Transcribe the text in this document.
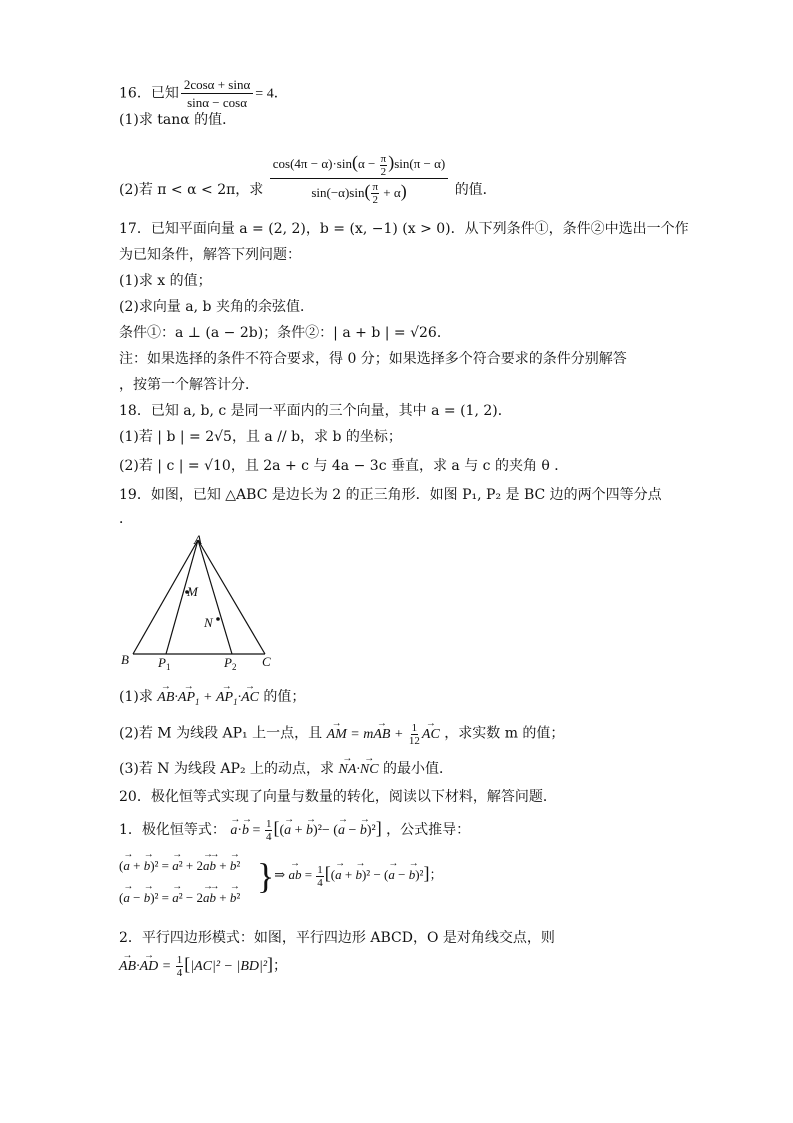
16．已知 $\frac{2\cos\alpha + \sin\alpha}{\sin\alpha - \cos\alpha} = 4$．
(1)求 tanα 的值．
(2)若 π < α < 2π，求 $\frac{\cos(4\pi - \alpha)\cdot\sin(\alpha - \frac{\pi}{2} )\sin(\pi - \alpha)}{\sin(-\alpha)\sin( \frac{\pi}{2} + \alpha)}$ 的值．
17．已知平面向量 a = (2, 2)，b = (x, −1) (x > 0)．从下列条件①，条件②中选出一个作
为已知条件，解答下列问题：
(1)求 x 的值；
(2)求向量 a, b 夹角的余弦值．
条件①：a ⊥ (a − 2b)；条件②：| a + b | = √26．
注：如果选择的条件不符合要求，得 0 分；如果选择多个符合要求的条件分别解答
，按第一个解答计分．
18．已知 a, b, c 是同一平面内的三个向量，其中 a = (1, 2)．
(1)若 | b | = 2√5，且 a // b，求 b 的坐标；
(2)若 | c | = √10，且 2a + c 与 4a − 3c 垂直，求 a 与 c 的夹角 θ ．
19．如图，已知 △ABC 是边长为 2 的正三角形．如图 P₁, P₂ 是 BC 边的两个四等分点
．
A
B	C
M
N
P	P
1	2
(1)求 → $AB\cdot\to AP_1$ + → $AP_1\cdot\to$ AC 的值；
(2)若 M 为线段 AP₁ 上一点，且 → AM = m→ AB + $\frac{1}{12}$ → AC ，求实数 m 的值；
(3)若 N 为线段 AP₂ 上的动点，求 → NA·→ NC 的最小值．
20．极化恒等式实现了向量与数量的转化，阅读以下材料，解答问题．
1．极化恒等式： → $a\cdot\to b = \frac{1}{4}$ [(→ a + → b)²− (→ a − → b)²] ，公式推导：
(→ a + → b)² = → a² + 2→ a→ b + → b²
(→ a − → b)² = → a² − 2→ a→ b + → b²
}⇒ → ab = $\frac{1}{4}$ [(→ a + → b)² − (→ a − → b)²]；
2．平行四边形模式：如图，平行四边形 ABCD，O 是对角线交点，则
→ AB·→ AD = $\frac{1}{4} [|AC|^2 - |BD|^2]$；
